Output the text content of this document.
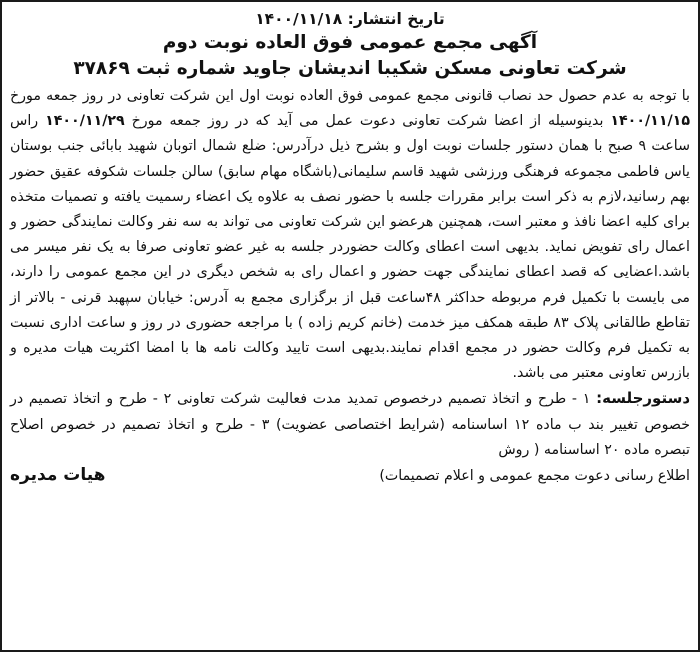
تاریخ انتشار: ۱۴۰۰/۱۱/۱۸

آگهی مجمع عمومی فوق العاده نوبت دوم

شرکت تعاونی مسکن شکیبا اندیشان جاوید شماره ثبت ۳۷۸۶۹

با توجه به عدم حصول حد نصاب قانونی مجمع عمومی فوق العاده نوبت اول این شرکت تعاونی در روز جمعه مورخ ۱۴۰۰/۱۱/۱۵ بدینوسیله از اعضا شرکت تعاونی دعوت عمل می آید که در روز جمعه مورخ ۱۴۰۰/۱۱/۲۹ راس ساعت ۹ صبح با همان دستور جلسات نوبت اول و بشرح ذیل درآدرس: ضلع شمال اتوبان شهید بابائی جنب بوستان یاس فاطمی مجموعه فرهنگی ورزشی شهید قاسم سلیمانی(باشگاه مهام سابق) سالن جلسات شکوفه عقیق حضور بهم رسانید،لازم به ذکر است برابر مقررات جلسه با حضور نصف به علاوه یک اعضاء رسمیت یافته و تصمیات متخذه برای کلیه اعضا نافذ و معتبر است، همچنین هرعضو این شرکت تعاونی می تواند به سه نفر وکالت نمایندگی حضور و اعمال رای تفویض نماید. بدیهی است اعطای وکالت حضوردر جلسه به غیر عضو تعاونی صرفا به یک نفر میسر می باشد.اعضایی که قصد اعطای نمایندگی جهت حضور و اعمال رای به شخص دیگری در این مجمع عمومی را دارند، می بایست با تکمیل فرم مربوطه حداکثر ۴۸ساعت قبل از برگزاری مجمع به آدرس: خیابان سپهبد قرنی - بالاتر از تقاطع طالقانی پلاک ۸۳ طبقه همکف میز خدمت (خانم کریم زاده ) با مراجعه حضوری در روز و ساعت اداری نسبت به تکمیل فرم وکالت حضور در مجمع اقدام نمایند.بدیهی است تایید وکالت نامه ها با امضا اکثریت هیات مدیره و بازرس تعاونی معتبر می باشد.

دستورجلسه: ۱ - طرح و اتخاذ تصمیم درخصوص تمدید مدت فعالیت شرکت تعاونی ۲ - طرح و اتخاذ تصمیم در خصوص تغییر بند ب ماده ۱۲ اساسنامه (شرایط اختصاصی عضویت) ۳ - طرح و اتخاذ تصمیم در خصوص اصلاح تبصره ماده ۲۰ اساسنامه ( روش

اطلاع رسانی دعوت مجمع عمومی و اعلام تصمیمات)
هیات مدیره
